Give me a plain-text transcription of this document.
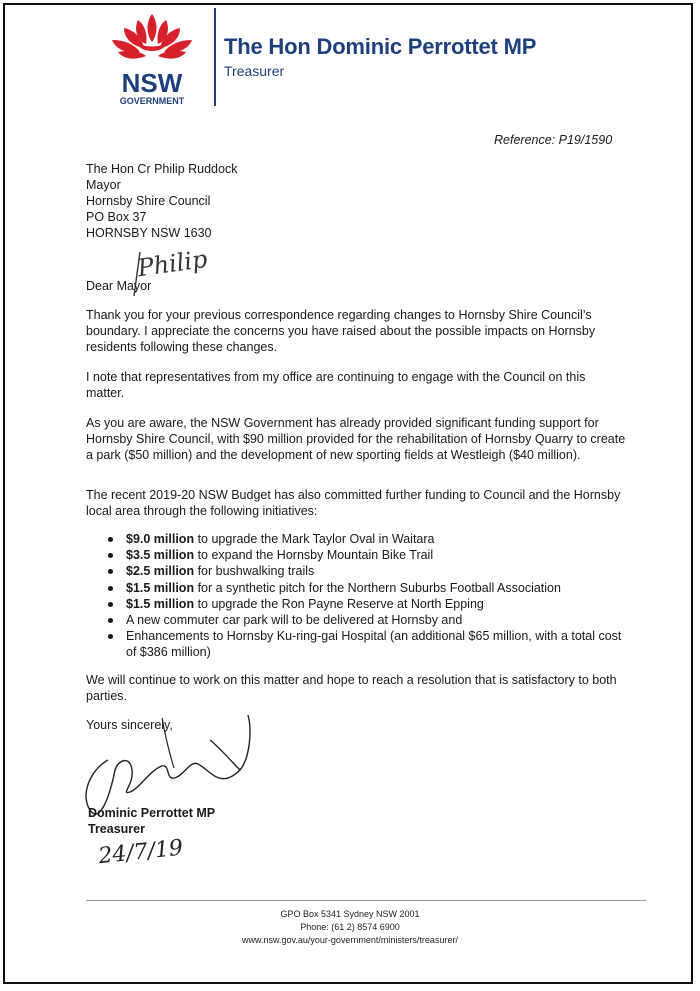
NSW
GOVERNMENT
The Hon Dominic Perrottet MP
Treasurer
Reference: P19/1590
The Hon Cr Philip Ruddock
Mayor
Hornsby Shire Council
PO Box 37
HORNSBY NSW 1630
Philip
Dear Mayor
Thank you for your previous correspondence regarding changes to Hornsby Shire Council’s boundary. I appreciate the concerns you have raised about the possible impacts on Hornsby residents following these changes.
I note that representatives from my office are continuing to engage with the Council on this matter.
As you are aware, the NSW Government has already provided significant funding support for Hornsby Shire Council, with $90 million provided for the rehabilitation of Hornsby Quarry to create a park ($50 million) and the development of new sporting fields at Westleigh ($40 million).
The recent 2019-20 NSW Budget has also committed further funding to Council and the Hornsby local area through the following initiatives:
$9.0 million to upgrade the Mark Taylor Oval in Waitara
$3.5 million to expand the Hornsby Mountain Bike Trail
$2.5 million for bushwalking trails
$1.5 million for a synthetic pitch for the Northern Suburbs Football Association
$1.5 million to upgrade the Ron Payne Reserve at North Epping
A new commuter car park will to be delivered at Hornsby and
Enhancements to Hornsby Ku-ring-gai Hospital (an additional $65 million, with a total cost of $386 million)
We will continue to work on this matter and hope to reach a resolution that is satisfactory to both parties.
Yours sincerely,
24/7/19
Dominic Perrottet MP
Treasurer
GPO Box 5341 Sydney NSW 2001
Phone: (61 2) 8574 6900
www.nsw.gov.au/your-government/ministers/treasurer/
